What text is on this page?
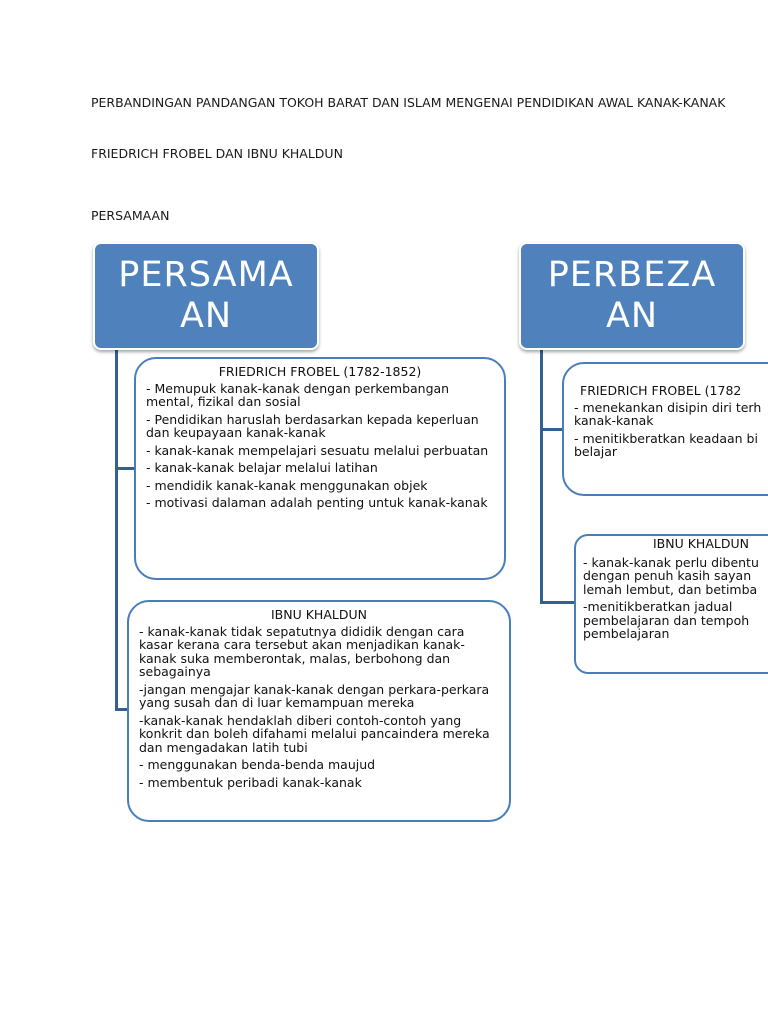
PERBANDINGAN PANDANGAN TOKOH BARAT DAN ISLAM MENGENAI PENDIDIKAN AWAL KANAK-KANAK
FRIEDRICH FROBEL DAN IBNU KHALDUN
PERSAMAAN
PERSAMA AN
PERBEZA AN
FRIEDRICH FROBEL (1782-1852)
- Memupuk kanak-kanak dengan perkembangan mental, fizikal dan sosial
- Pendidikan haruslah berdasarkan kepada keperluan dan keupayaan kanak-kanak
- kanak-kanak mempelajari sesuatu melalui perbuatan
- kanak-kanak belajar melalui latihan
- mendidik kanak-kanak menggunakan objek
- motivasi dalaman adalah penting untuk kanak-kanak
IBNU KHALDUN
- kanak-kanak tidak sepatutnya dididik dengan cara kasar kerana cara tersebut akan menjadikan kanak-kanak suka memberontak, malas, berbohong dan sebagainya
-jangan mengajar kanak-kanak dengan perkara-perkara yang susah dan di luar kemampuan mereka
-kanak-kanak hendaklah diberi contoh-contoh yang konkrit dan boleh difahami melalui pancaindera mereka dan mengadakan latih tubi
- menggunakan benda-benda maujud
- membentuk peribadi kanak-kanak
FRIEDRICH FROBEL (1782
- menekankan disipin diri terh
kanak-kanak
- menitikberatkan keadaan bi
belajar
IBNU KHALDUN
- kanak-kanak perlu dibentu
dengan penuh kasih sayan
lemah lembut, dan betimba
-menitikberatkan jadual
pembelajaran dan tempoh
pembelajaran
